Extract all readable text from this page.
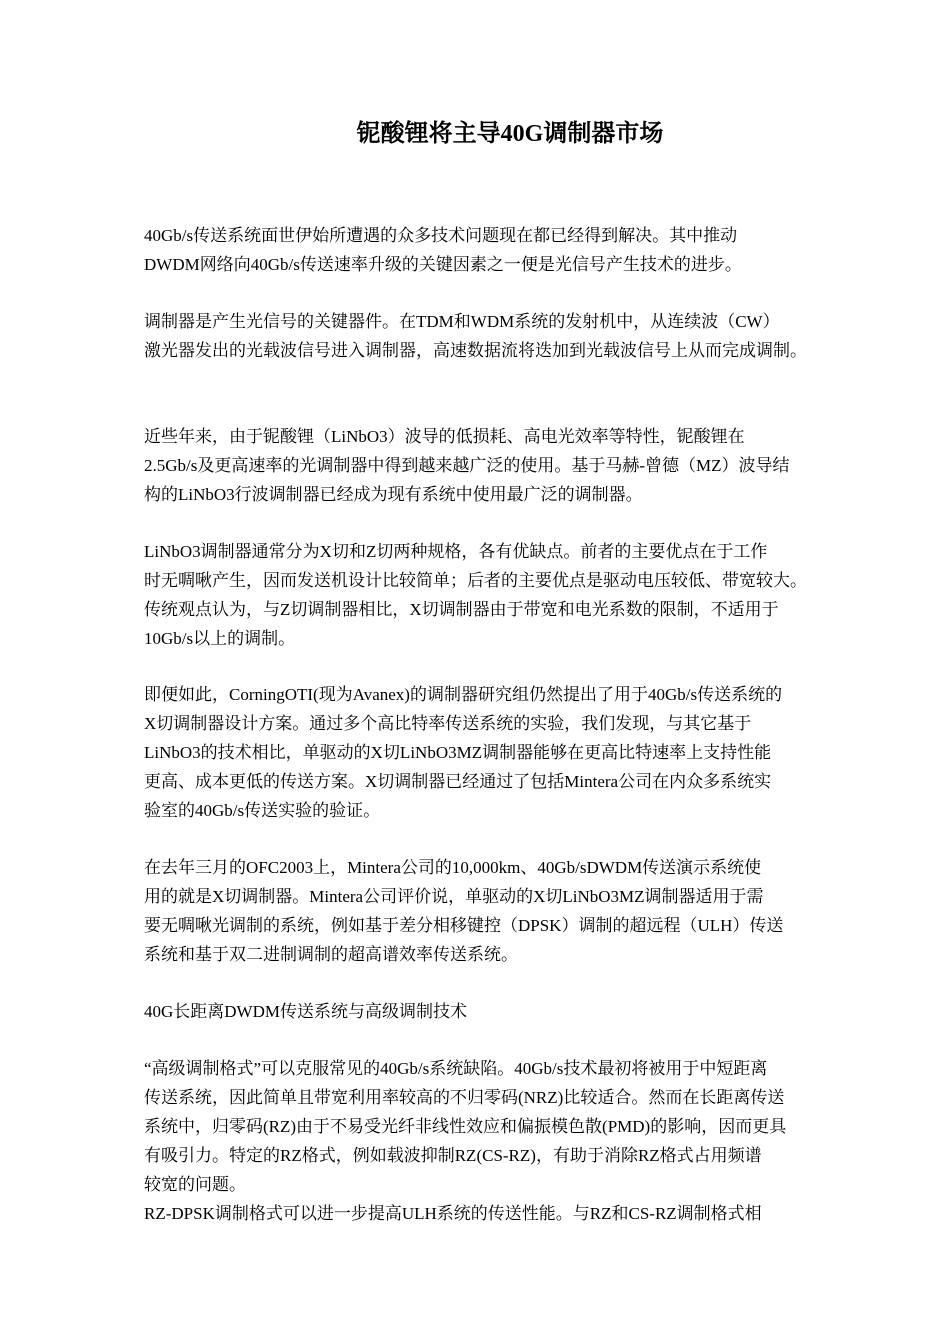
铌酸锂将主导40G调制器市场
40Gb/s传送系统面世伊始所遭遇的众多技术问题现在都已经得到解决。其中推动
DWDM网络向40Gb/s传送速率升级的关键因素之一便是光信号产生技术的进步。
调制器是产生光信号的关键器件。在TDM和WDM系统的发射机中，从连续波（CW）
激光器发出的光载波信号进入调制器，高速数据流将迭加到光载波信号上从而完成调制。
近些年来，由于铌酸锂（LiNbO3）波导的低损耗、高电光效率等特性，铌酸锂在
2.5Gb/s及更高速率的光调制器中得到越来越广泛的使用。基于马赫-曾德（MZ）波导结
构的LiNbO3行波调制器已经成为现有系统中使用最广泛的调制器。
LiNbO3调制器通常分为X切和Z切两种规格，各有优缺点。前者的主要优点在于工作
时无啁啾产生，因而发送机设计比较简单；后者的主要优点是驱动电压较低、带宽较大。
传统观点认为，与Z切调制器相比，X切调制器由于带宽和电光系数的限制，不适用于
10Gb/s以上的调制。
即便如此，CorningOTI(现为Avanex)的调制器研究组仍然提出了用于40Gb/s传送系统的
X切调制器设计方案。通过多个高比特率传送系统的实验，我们发现，与其它基于
LiNbO3的技术相比，单驱动的X切LiNbO3MZ调制器能够在更高比特速率上支持性能
更高、成本更低的传送方案。X切调制器已经通过了包括Mintera公司在内众多系统实
验室的40Gb/s传送实验的验证。
在去年三月的OFC2003上，Mintera公司的10,000km、40Gb/sDWDM传送演示系统使
用的就是X切调制器。Mintera公司评价说，单驱动的X切LiNbO3MZ调制器适用于需
要无啁啾光调制的系统，例如基于差分相移键控（DPSK）调制的超远程（ULH）传送
系统和基于双二进制调制的超高谱效率传送系统。
40G长距离DWDM传送系统与高级调制技术
“高级调制格式”可以克服常见的40Gb/s系统缺陷。40Gb/s技术最初将被用于中短距离
传送系统，因此简单且带宽利用率较高的不归零码(NRZ)比较适合。然而在长距离传送
系统中，归零码(RZ)由于不易受光纤非线性效应和偏振模色散(PMD)的影响，因而更具
有吸引力。特定的RZ格式，例如载波抑制RZ(CS-RZ)，有助于消除RZ格式占用频谱
较宽的问题。
RZ-DPSK调制格式可以进一步提高ULH系统的传送性能。与RZ和CS-RZ调制格式相
